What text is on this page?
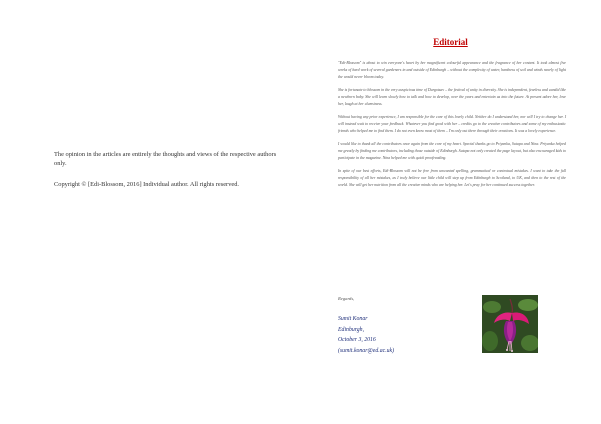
The opinion in the articles are entirely the thoughts and views of the respective authors only.

Copyright © [Edi-Blossom, 2016] Individual author. All rights reserved.

Editorial

"Edi-Blossom" is about to win everyone's heart by her magnificent colourful appearance and the fragrance of her content. It took almost five weeks of hard work of several gardeners in and outside of Edinburgh – without the complexity of water, hardness of soil and winds nearly of light the would never bloom today.

She is fortunate to blossom in the very auspicious time of Durgotsav – the festival of unity in diversity. She is independent, fearless and candid like a newborn baby. She will learn slowly how to talk and how to develop, over the years and entertain us into the future. At present adore her, love her, laugh at her clumsiness.

Without having any prior experience, I am responsible for the care of this lovely child. Neither do I understand her, nor will I try to change her. I will instead wait to receive your feedback. Whatever you find good with her – credits go to the creative contributors and some of my enthusiastic friends who helped me to find them. I do not even know most of them – I'm only out there through their creations. It was a lovely experience.

I would like to thank all the contributors once again from the core of my heart. Special thanks go to Priyanka, Sutapa and Nina. Priyanka helped me greatly by finding me contributors, including those outside of Edinburgh. Sutapa not only created the page layout, but also encouraged kids to participate in the magazine. Nina helped me with quick proofreading.

In spite of our best efforts, Edi-Blossom will not be free from unwanted spelling, grammatical or contextual mistakes. I want to take the full responsibility of all her mistakes, as I truly believe our little child will step up from Edinburgh to Scotland, to UK, and then to the rest of the world. She will get her nutrition from all the creative minds who are helping her. Let's pray for her continued success together.

Regards,
Sumit Konar
Edinburgh,
October 3, 2016
(sumit.konar@ed.ac.uk)
